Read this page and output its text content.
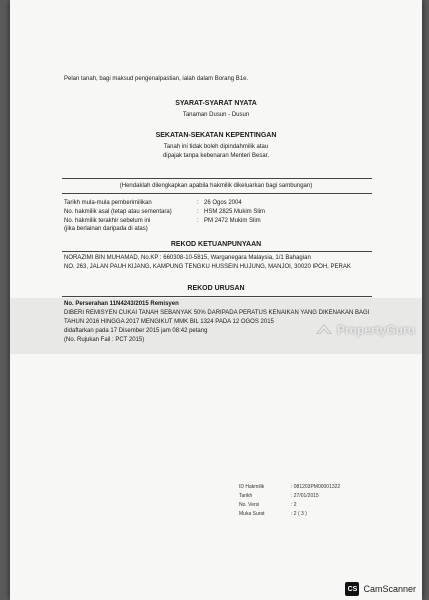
Pelan tanah, bagi maksud pengenalpastian, ialah dalam Borang B1e.
SYARAT-SYARAT NYATA
Tanaman Dusun - Dusun
SEKATAN-SEKATAN KEPENTINGAN
Tanah ini tidak boleh dipindahmilik atau
dipajak tanpa kebenaran Menteri Besar.
(Hendaklah dilengkapkan apabila hakmilik dikeluarkan bagi sambungan)
Tarikh mula-mula pemberimilikan	: 26 Ogos 2004
No. hakmilik asal (tetap atau sementara)	: HSM 2825 Mukim Slim
No. hakmilik terakhir sebelum ini	: PM 2472 Mukim Slim
(jika berlainan daripada di atas)
REKOD KETUANPUNYAAN
NORAZIMI BIN MUHAMAD, No.KP : 660308-10-5815, Warganegara Malaysia, 1/1 Bahagian
NO. 263, JALAN PAUH KIJANG, KAMPUNG TENGKU HUSSEIN HUJUNG, MANJOI, 30020 IPOH, PERAK
REKOD URUSAN
No. Perserahan 11N4243/2015 Remisyen
DIBERI REMISYEN CUKAI TANAH SEBANYAK 50% DARIPADA PERATUS KENAIKAN YANG DIKENAKAN BAGI
TAHUN 2016 HINGGA 2017 MENGIKUT MMK BIL 1324 PADA 12 OGOS 2015
didaftarkan pada 17 Disember 2015 jam 08:42 petang
(No. Rujukan Fail : PCT 2015)
PropertyGuru
ID Hakmilik	: 081203PM00001322
Tarikh	: 27/01/2015
No. Versi	: 2
Muka Surat	: 2 ( 3 )
CS CamScanner
